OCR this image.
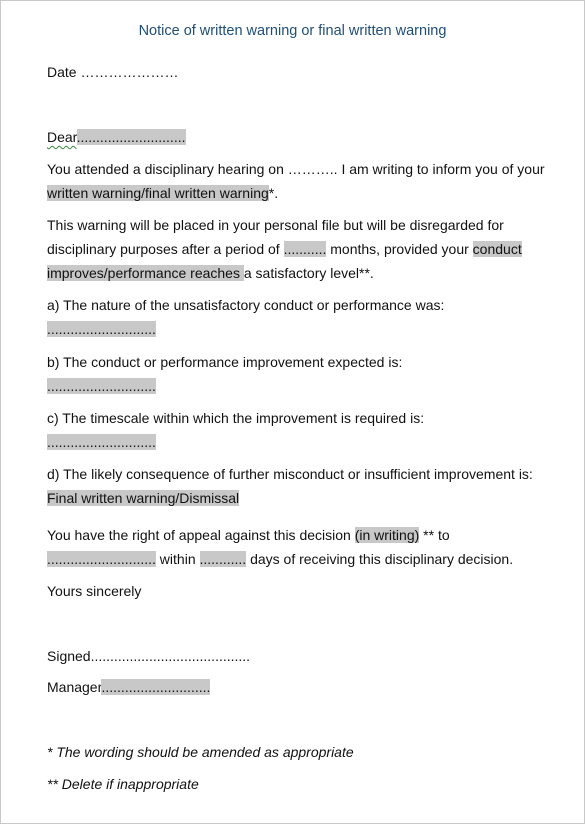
Notice of written warning or final written warning
Date …………………
Dear............................
You attended a disciplinary hearing on ……….. I am writing to inform you of your
written warning/final written warning*.
This warning will be placed in your personal file but will be disregarded for
disciplinary purposes after a period of ........... months, provided your conduct
improves/performance reaches a satisfactory level**.
a) The nature of the unsatisfactory conduct or performance was:
............................
b) The conduct or performance improvement expected is:
............................
c) The timescale within which the improvement is required is:
............................
d) The likely consequence of further misconduct or insufficient improvement is:
Final written warning/Dismissal
You have the right of appeal against this decision (in writing) ** to
............................ within ............ days of receiving this disciplinary decision.
Yours sincerely
Signed.........................................
Manager............................
* The wording should be amended as appropriate
** Delete if inappropriate
